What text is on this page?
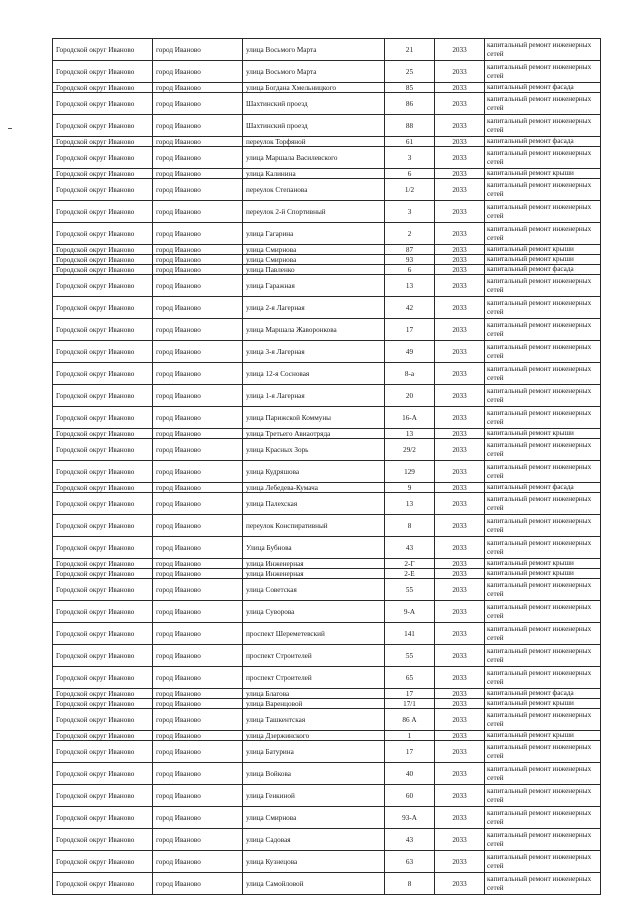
Городской округ Иваново	город Иваново	улица Восьмого Марта	21	2033	капитальный ремонт инженерных сетей
Городской округ Иваново	город Иваново	улица Восьмого Марта	25	2033	капитальный ремонт инженерных сетей
Городской округ Иваново	город Иваново	улица Богдана Хмельницкого	85	2033	капитальный ремонт фасада
Городской округ Иваново	город Иваново	Шахтинский проезд	86	2033	капитальный ремонт инженерных сетей
Городской округ Иваново	город Иваново	Шахтинский проезд	88	2033	капитальный ремонт инженерных сетей
Городской округ Иваново	город Иваново	переулок Торфяной	61	2033	капитальный ремонт фасада
Городской округ Иваново	город Иваново	улица Маршала Василевского	3	2033	капитальный ремонт инженерных сетей
Городской округ Иваново	город Иваново	улица Калинина	6	2033	капитальный ремонт крыши
Городской округ Иваново	город Иваново	переулок Степанова	1/2	2033	капитальный ремонт инженерных сетей
Городской округ Иваново	город Иваново	переулок 2-й Спортивный	3	2033	капитальный ремонт инженерных сетей
Городской округ Иваново	город Иваново	улица Гагарина	2	2033	капитальный ремонт инженерных сетей
Городской округ Иваново	город Иваново	улица Смирнова	87	2033	капитальный ремонт крыши
Городской округ Иваново	город Иваново	улица Смирнова	93	2033	капитальный ремонт крыши
Городской округ Иваново	город Иваново	улица Павленко	6	2033	капитальный ремонт фасада
Городской округ Иваново	город Иваново	улица Гаражная	13	2033	капитальный ремонт инженерных сетей
Городской округ Иваново	город Иваново	улица 2-я Лагерная	42	2033	капитальный ремонт инженерных сетей
Городской округ Иваново	город Иваново	улица Маршала Жаворонкова	17	2033	капитальный ремонт инженерных сетей
Городской округ Иваново	город Иваново	улица 3-я Лагерная	49	2033	капитальный ремонт инженерных сетей
Городской округ Иваново	город Иваново	улица 12-я Сосновая	8-а	2033	капитальный ремонт инженерных сетей
Городской округ Иваново	город Иваново	улица 1-я Лагерная	20	2033	капитальный ремонт инженерных сетей
Городской округ Иваново	город Иваново	улица Парижской Коммуны	16-А	2033	капитальный ремонт инженерных сетей
Городской округ Иваново	город Иваново	улица Третьего Авиаотряда	13	2033	капитальный ремонт крыши
Городской округ Иваново	город Иваново	улица Красных Зорь	29/2	2033	капитальный ремонт инженерных сетей
Городской округ Иваново	город Иваново	улица Кудряшова	129	2033	капитальный ремонт инженерных сетей
Городской округ Иваново	город Иваново	улица Лебедева-Кумача	9	2033	капитальный ремонт фасада
Городской округ Иваново	город Иваново	улица Палехская	13	2033	капитальный ремонт инженерных сетей
Городской округ Иваново	город Иваново	переулок Конспиративный	8	2033	капитальный ремонт инженерных сетей
Городской округ Иваново	город Иваново	Улица Бубнова	43	2033	капитальный ремонт инженерных сетей
Городской округ Иваново	город Иваново	улица Инженерная	2-Г	2033	капитальный ремонт крыши
Городской округ Иваново	город Иваново	улица Инженерная	2-Е	2033	капитальный ремонт крыши
Городской округ Иваново	город Иваново	улица Советская	55	2033	капитальный ремонт инженерных сетей
Городской округ Иваново	город Иваново	улица Суворова	9-А	2033	капитальный ремонт инженерных сетей
Городской округ Иваново	город Иваново	проспект Шереметевский	141	2033	капитальный ремонт инженерных сетей
Городской округ Иваново	город Иваново	проспект Строителей	55	2033	капитальный ремонт инженерных сетей
Городской округ Иваново	город Иваново	проспект Строителей	65	2033	капитальный ремонт инженерных сетей
Городской округ Иваново	город Иваново	улица Благова	17	2033	капитальный ремонт фасада
Городской округ Иваново	город Иваново	улица Варенцовой	17/1	2033	капитальный ремонт крыши
Городской округ Иваново	город Иваново	улица Ташкентская	86 А	2033	капитальный ремонт инженерных сетей
Городской округ Иваново	город Иваново	улица Дзержинского	1	2033	капитальный ремонт крыши
Городской округ Иваново	город Иваново	улица Батурина	17	2033	капитальный ремонт инженерных сетей
Городской округ Иваново	город Иваново	улица Войкова	40	2033	капитальный ремонт инженерных сетей
Городской округ Иваново	город Иваново	улица Генкиной	60	2033	капитальный ремонт инженерных сетей
Городской округ Иваново	город Иваново	улица Смирнова	93-А	2033	капитальный ремонт инженерных сетей
Городской округ Иваново	город Иваново	улица Садовая	43	2033	капитальный ремонт инженерных сетей
Городской округ Иваново	город Иваново	улица Кузнецова	63	2033	капитальный ремонт инженерных сетей
Городской округ Иваново	город Иваново	улица Самойловой	8	2033	капитальный ремонт инженерных сетей
